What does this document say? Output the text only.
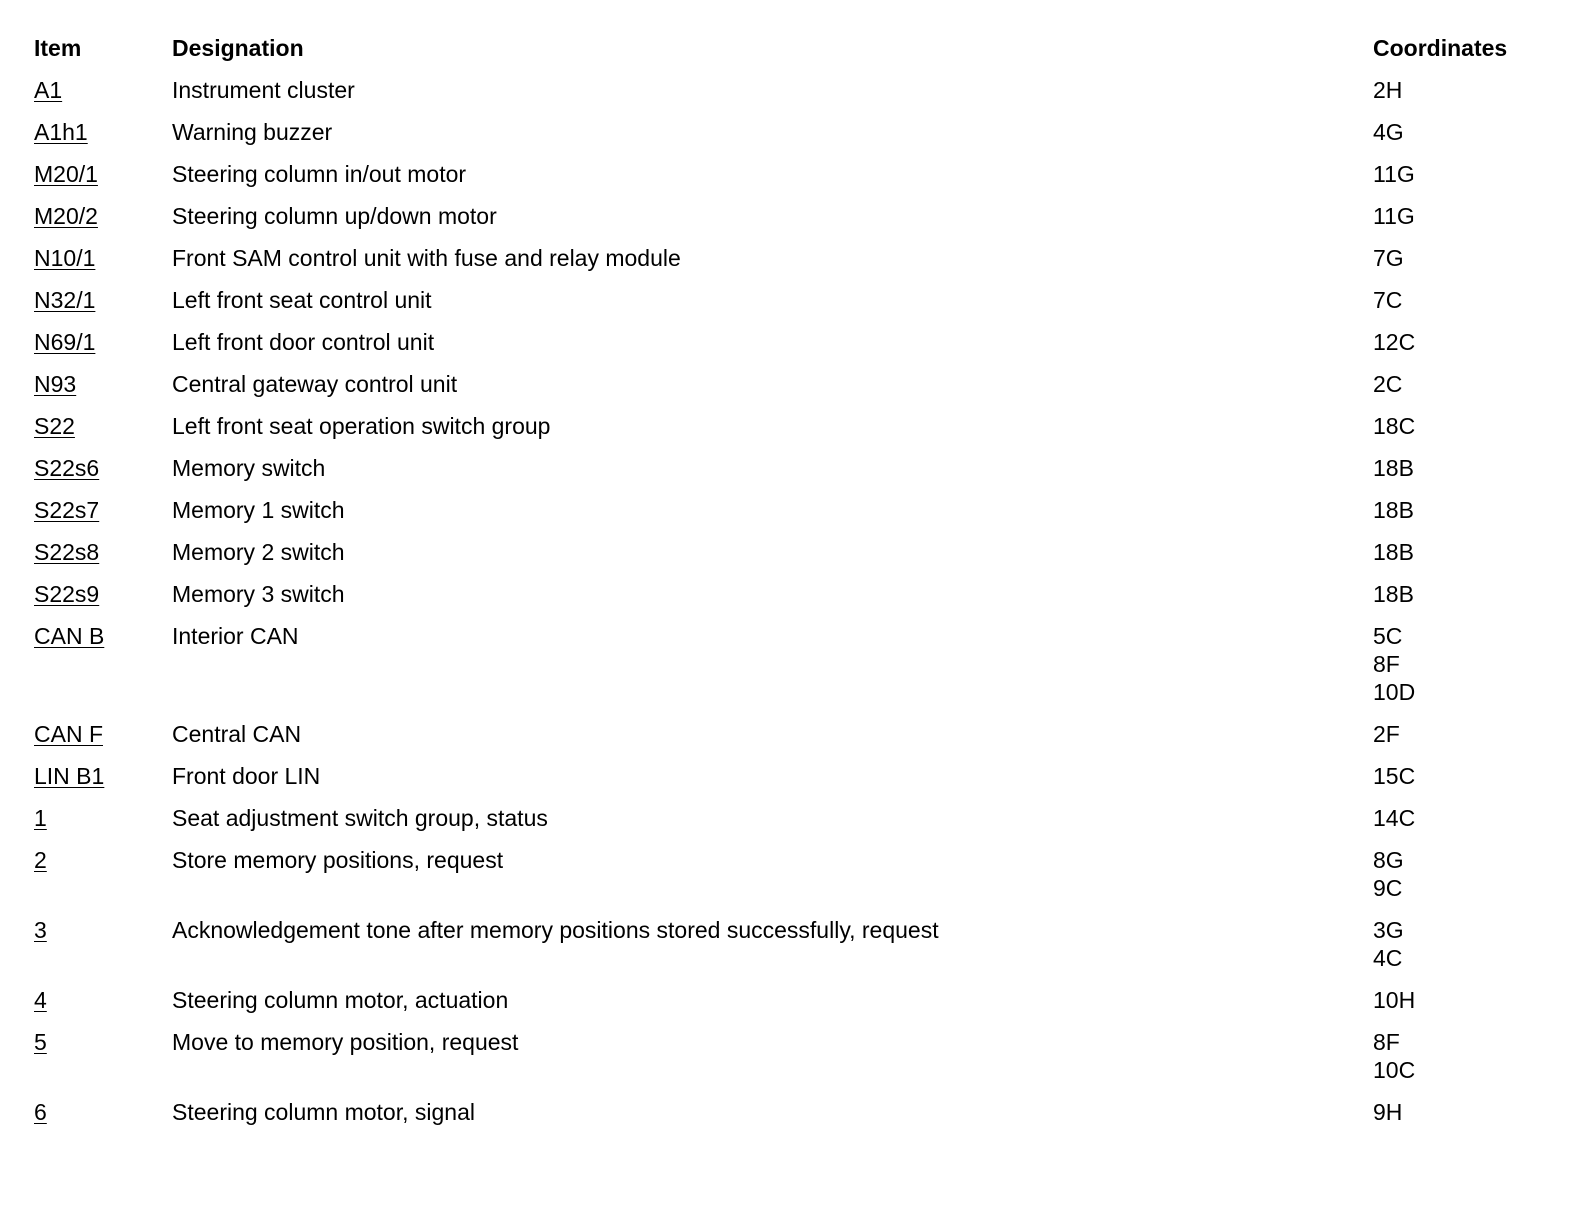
Item	Designation	Coordinates
A1	Instrument cluster	2H
A1h1	Warning buzzer	4G
M20/1	Steering column in/out motor	11G
M20/2	Steering column up/down motor	11G
N10/1	Front SAM control unit with fuse and relay module	7G
N32/1	Left front seat control unit	7C
N69/1	Left front door control unit	12C
N93	Central gateway control unit	2C
S22	Left front seat operation switch group	18C
S22s6	Memory switch	18B
S22s7	Memory 1 switch	18B
S22s8	Memory 2 switch	18B
S22s9	Memory 3 switch	18B
CAN B	Interior CAN	5C
8F
10D
CAN F	Central CAN	2F
LIN B1	Front door LIN	15C
1	Seat adjustment switch group, status	14C
2	Store memory positions, request	8G
9C
3	Acknowledgement tone after memory positions stored successfully, request	3G
4C
4	Steering column motor, actuation	10H
5	Move to memory position, request	8F
10C
6	Steering column motor, signal	9H
